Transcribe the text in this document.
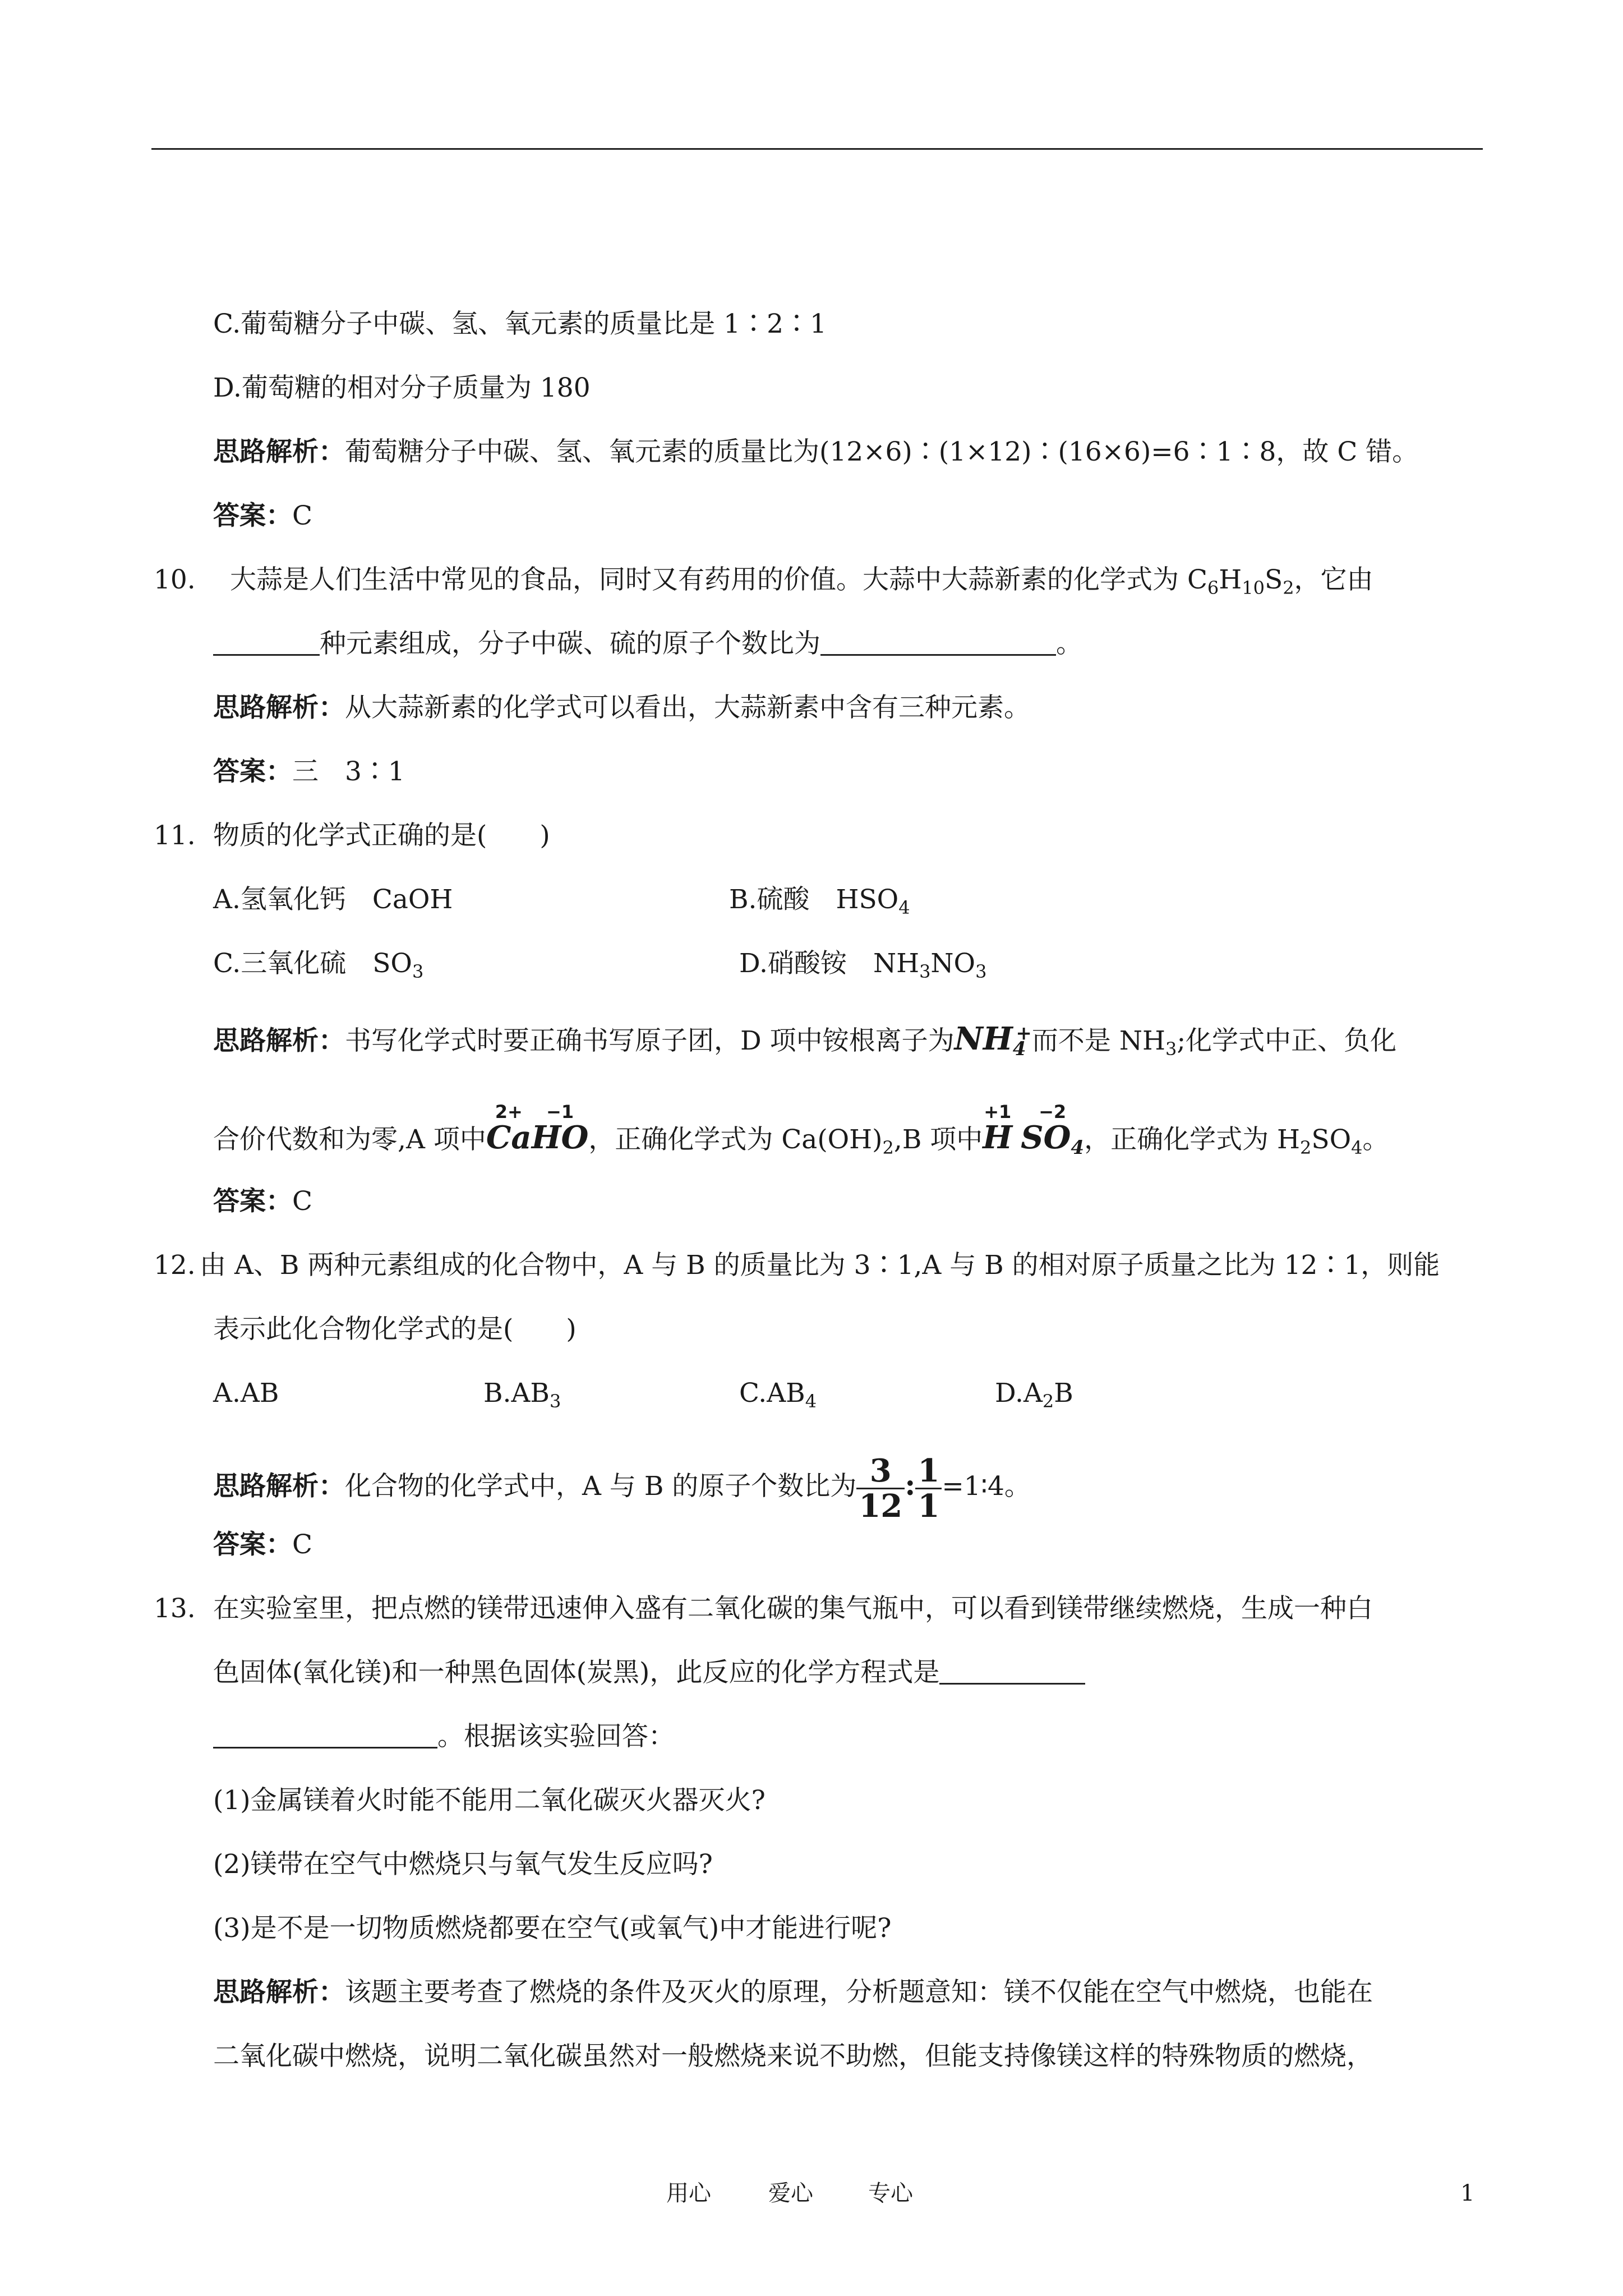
C.葡萄糖分子中碳、氢、氧元素的质量比是 1∶2∶1
D.葡萄糖的相对分子质量为 180
思路解析：葡萄糖分子中碳、氢、氧元素的质量比为(12×6)∶(1×12)∶(16×6)=6∶1∶8，故 C 错。
答案：C
10. 大蒜是人们生活中常见的食品，同时又有药用的价值。大蒜中大蒜新素的化学式为 $C_6H_{10}S_2$，它由
种元素组成，分子中碳、硫的原子个数比为	。
思路解析：从大蒜新素的化学式可以看出，大蒜新素中含有三种元素。
答案：三　3∶1
11. 物质的化学式正确的是(　　)
A.氢氧化钙　CaOH	B.硫酸　$HSO_4$
C.三氧化硫　$SO_3$	D.硝酸铵　$NH_3NO_3$
思路解析：书写化学式时要正确书写原子团，D 项中铵根离子为$NH_4^+$而不是 $NH_3$;化学式中正、负化
合价代数和为零,A 项中
2+
Ca
−1
HO，正确化学式为 $Ca(OH)_2,B$ 项中
+1
H
−2
$SO_4$，正确化学式为 $H_2SO_4$。
答案：C
12. 由 A、B 两种元素组成的化合物中，A 与 B 的质量比为 3∶1,A 与 B 的相对原子质量之比为 12∶1，则能
表示此化合物化学式的是(　　)
A.AB	$B.AB_3$	$C.AB_4$	$D.A_2B$
思路解析：化合物的化学式中，A 与 B 的原子个数比为 $\frac{3}{12}$ : $\frac{1}{1}$ =1∶4。
答案：C
13. 在实验室里，把点燃的镁带迅速伸入盛有二氧化碳的集气瓶中，可以看到镁带继续燃烧，生成一种白
色固体(氧化镁)和一种黑色固体(炭黑)，此反应的化学方程式是
。根据该实验回答：
(1)金属镁着火时能不能用二氧化碳灭火器灭火?
(2)镁带在空气中燃烧只与氧气发生反应吗?
(3)是不是一切物质燃烧都要在空气(或氧气)中才能进行呢?
思路解析：该题主要考查了燃烧的条件及灭火的原理，分析题意知：镁不仅能在空气中燃烧，也能在
二氧化碳中燃烧，说明二氧化碳虽然对一般燃烧来说不助燃，但能支持像镁这样的特殊物质的燃烧，
用心	爱心 专心	1
